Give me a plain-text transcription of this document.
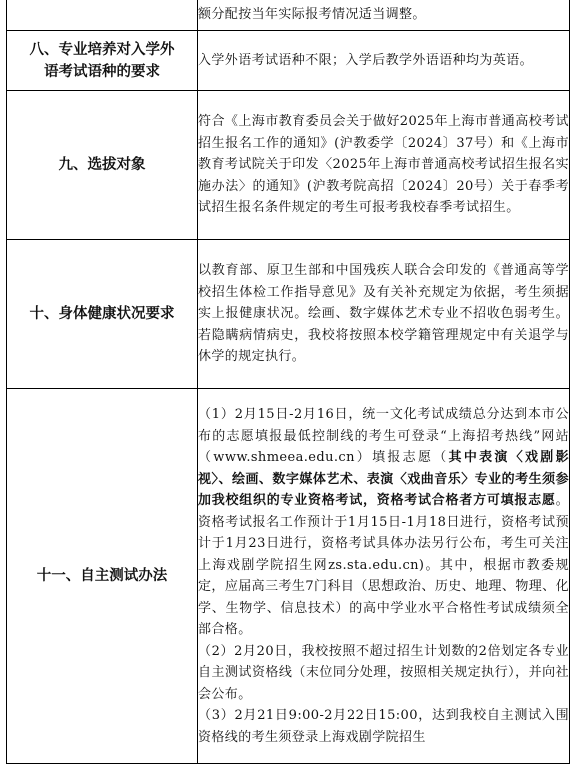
	额分配按当年实际报考情况适当调整。

八、专业培养对入学外
语考试语种的要求	入学外语考试语种不限；入学后教学外语语种均为英语。
九、选拔对象	符合《上海市教育委员会关于做好2025年上海市普通高校考试招生报名工作的通知》(沪教委学〔2024〕37号）和《上海市教育考试院关于印发〈2025年上海市普通高校考试招生报名实施办法〉的通知》(沪教考院高招〔2024〕20号）关于春季考试招生报名条件规定的考生可报考我校春季考试招生。
十、身体健康状况要求	以教育部、原卫生部和中国残疾人联合会印发的《普通高等学校招生体检工作指导意见》及有关补充规定为依据，考生须据实上报健康状况。绘画、数字媒体艺术专业不招收色弱考生。若隐瞒病情病史，我校将按照本校学籍管理规定中有关退学与休学的规定执行。
十一、自主测试办法	（1）2月15日-2月16日，统一文化考试成绩总分达到本市公布的志愿填报最低控制线的考生可登录“上海招考热线”网站（www.shmeea.edu.cn）填报志愿（其中表演〈戏剧影视〉、绘画、数字媒体艺术、表演〈戏曲音乐〉专业的考生须参加我校组织的专业资格考试，资格考试合格者方可填报志愿。资格考试报名工作预计于1月15日-1月18日进行，资格考试预计于1月23日进行，资格考试具体办法另行公布，考生可关注上海戏剧学院招生网zs.sta.edu.cn)。其中，根据市教委规定，应届高三考生7门科目（思想政治、历史、地理、物理、化学、生物学、信息技术）的高中学业水平合格性考试成绩须全部合格。

（2）2月20日，我校按照不超过招生计划数的2倍划定各专业自主测试资格线（末位同分处理，按照相关规定执行），并向社会公布。

（3）2月21日9:00-2月22日15:00，达到我校自主测试入围资格线的考生须登录上海戏剧学院招生
